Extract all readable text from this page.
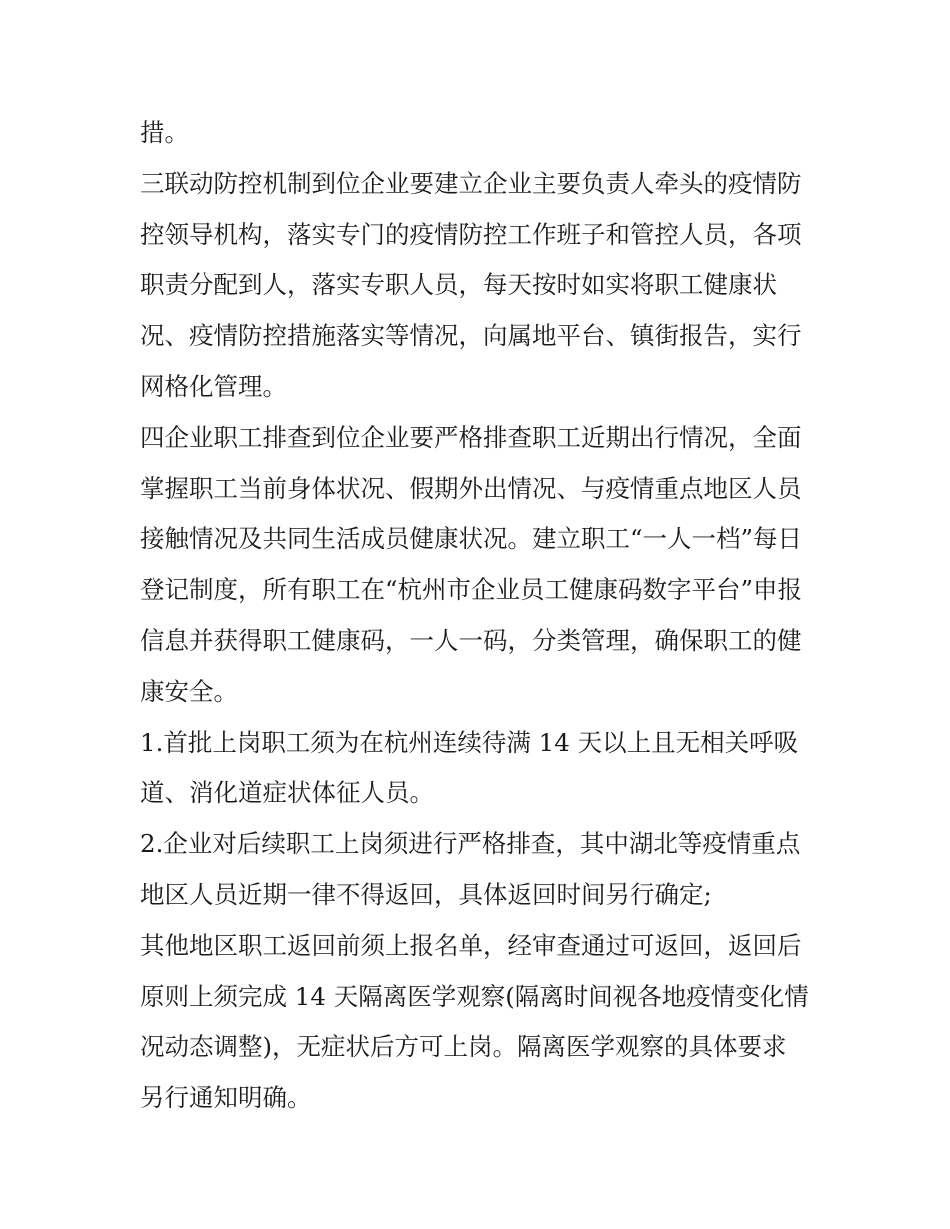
措。
三联动防控机制到位企业要建立企业主要负责人牵头的疫情防
控领导机构，落实专门的疫情防控工作班子和管控人员，各项
职责分配到人，落实专职人员，每天按时如实将职工健康状
况、疫情防控措施落实等情况，向属地平台、镇街报告，实行
网格化管理。
四企业职工排查到位企业要严格排查职工近期出行情况，全面
掌握职工当前身体状况、假期外出情况、与疫情重点地区人员
接触情况及共同生活成员健康状况。建立职工“一人一档”每日
登记制度，所有职工在“杭州市企业员工健康码数字平台”申报
信息并获得职工健康码，一人一码，分类管理，确保职工的健
康安全。
1.首批上岗职工须为在杭州连续待满 14 天以上且无相关呼吸
道、消化道症状体征人员。
2.企业对后续职工上岗须进行严格排查，其中湖北等疫情重点
地区人员近期一律不得返回，具体返回时间另行确定;
其他地区职工返回前须上报名单，经审查通过可返回，返回后
原则上须完成 14 天隔离医学观察(隔离时间视各地疫情变化情
况动态调整)，无症状后方可上岗。隔离医学观察的具体要求
另行通知明确。
